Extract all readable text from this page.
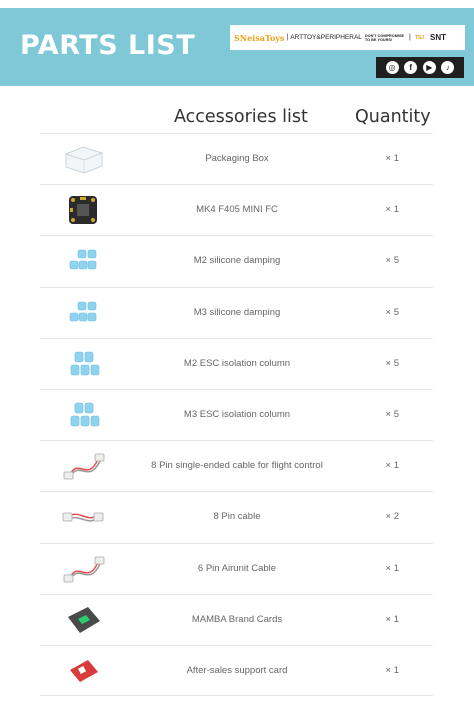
PARTS LIST	SNeisaToys | ARTTOY&PERIPHERAL DON'T COMPROMISE
TO BE YOURS!	| TSJ SNT
◎	f	▶	♪
Accessories list	Quantity
Packaging Box	× 1
MK4 F405 MINI FC	× 1
M2 silicone damping	× 5
M3 silicone damping	× 5
M2 ESC isolation column	× 5
M3 ESC isolation column	× 5
8 Pin single-ended cable for flight control	× 1
8 Pin cable	× 2
6 Pin Airunit Cable	× 1
MAMBA Brand Cards	× 1
After-sales support card	× 1
